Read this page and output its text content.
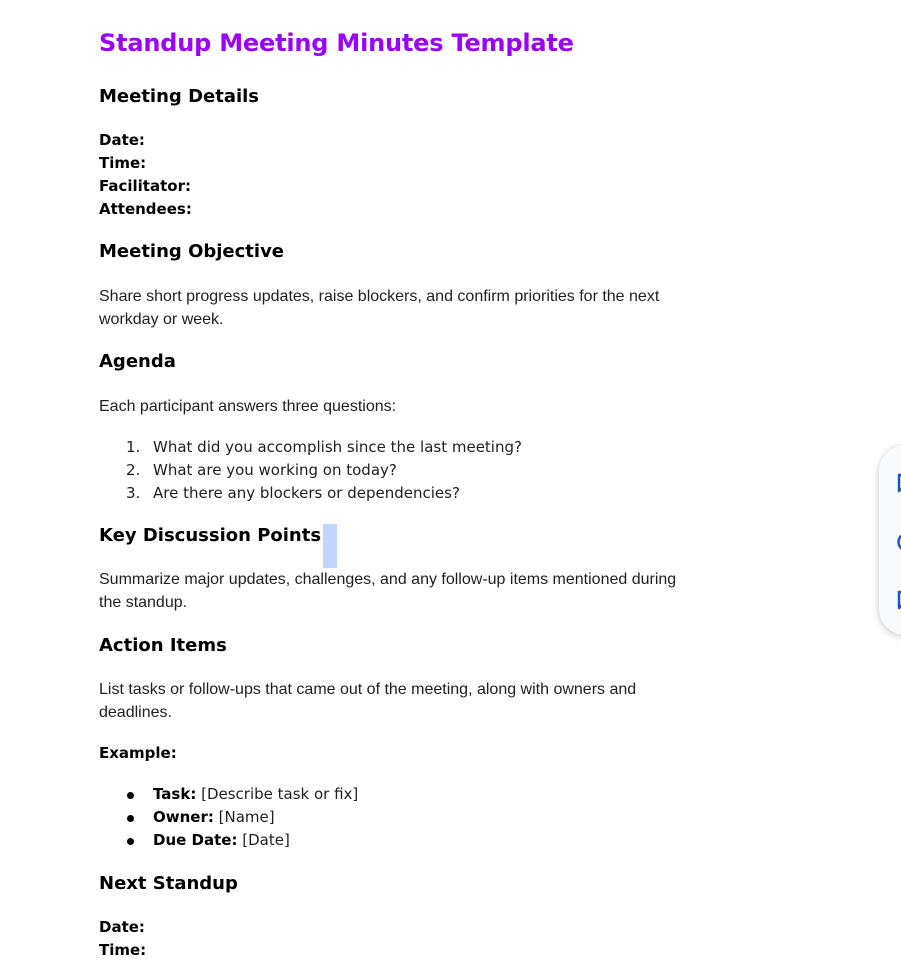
Standup Meeting Minutes Template
Meeting Details

Date:

Time:

Facilitator:

Attendees:

Meeting Objective

Share short progress updates, raise blockers, and confirm priorities for the next

workday or week.

Agenda

Each participant answers three questions:

1. What did you accomplish since the last meeting?
2. What are you working on today?
3. Are there any blockers or dependencies?
Key Discussion Points

Summarize major updates, challenges, and any follow-up items mentioned during

the standup.

Action Items

List tasks or follow-ups that came out of the meeting, along with owners and

deadlines.

Example:

Task: [Describe task or fix]
Owner: [Name]
Due Date: [Date]
Next Standup

Date:

Time:
